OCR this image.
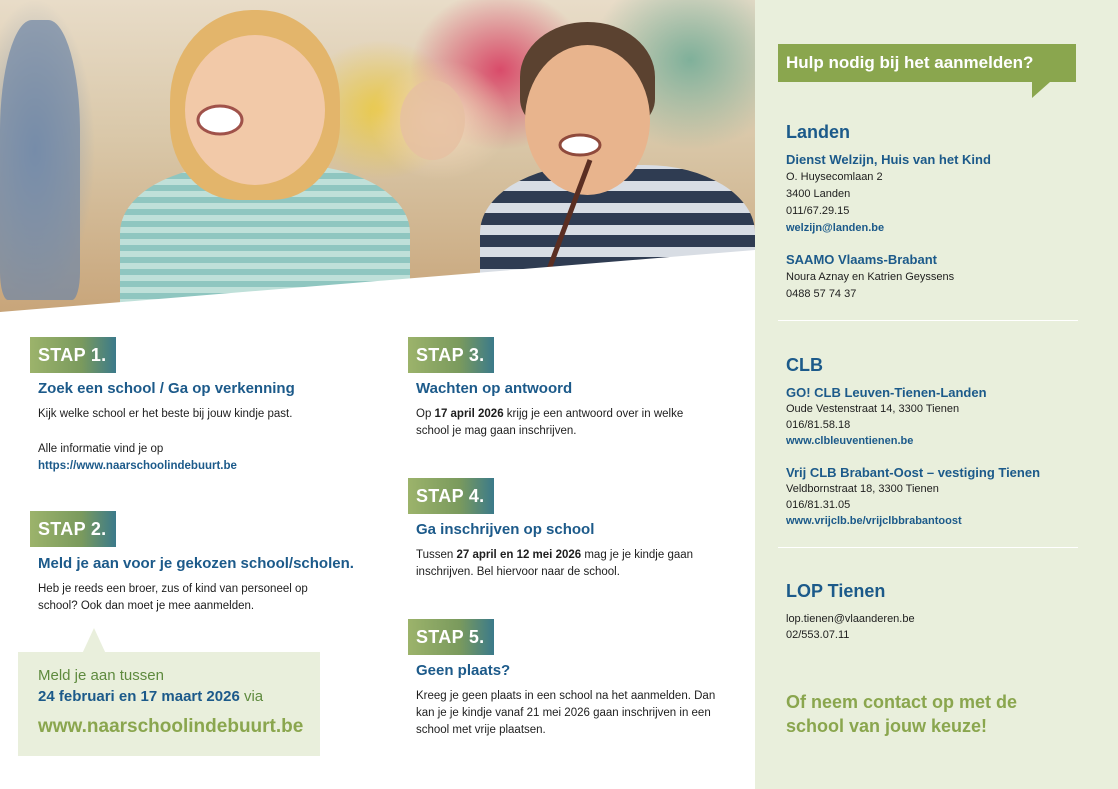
STAP 1.
Zoek een school / Ga op verkenning
Kijk welke school er het beste bij jouw kindje past.
Alle informatie vind je op
https://www.naarschoolindebuurt.be
STAP 2.
Meld je aan voor je gekozen school/scholen.
Heb je reeds een broer, zus of kind van personeel op
school? Ook dan moet je mee aanmelden.
Meld je aan tussen
24 februari en 17 maart 2026 via
www.naarschoolindebuurt.be
STAP 3.
Wachten op antwoord
Op 17 april 2026 krijg je een antwoord over in welke
school je mag gaan inschrijven.
STAP 4.
Ga inschrijven op school
Tussen 27 april en 12 mei 2026 mag je je kindje gaan
inschrijven. Bel hiervoor naar de school.
STAP 5.
Geen plaats?
Kreeg je geen plaats in een school na het aanmelden. Dan
kan je je kindje vanaf 21 mei 2026 gaan inschrijven in een
school met vrije plaatsen.
Hulp nodig bij het aanmelden?
Landen
Dienst Welzijn, Huis van het Kind
O. Huysecomlaan 2
3400 Landen
011/67.29.15
welzijn@landen.be
SAAMO Vlaams-Brabant
Noura Aznay en Katrien Geyssens
0488 57 74 37
CLB
GO! CLB Leuven-Tienen-Landen
Oude Vestenstraat 14, 3300 Tienen
016/81.58.18
www.clbleuventienen.be
Vrij CLB Brabant-Oost – vestiging Tienen
Veldbornstraat 18, 3300 Tienen
016/81.31.05
www.vrijclb.be/vrijclbbrabantoost
LOP Tienen
lop.tienen@vlaanderen.be
02/553.07.11
Of neem contact op met de
school van jouw keuze!
